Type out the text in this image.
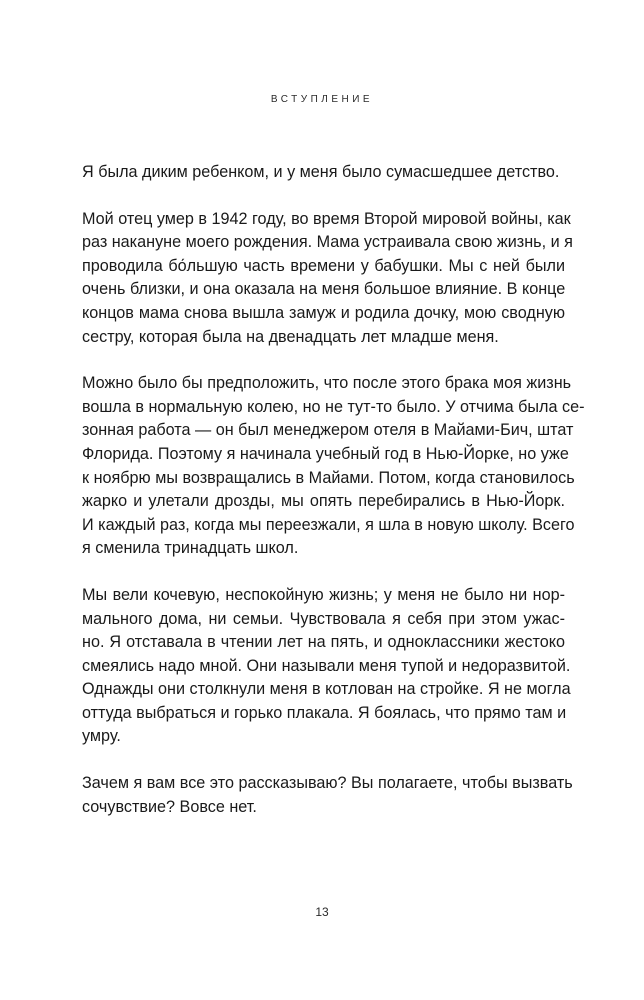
ВСТУПЛЕНИЕ

Я была диким ребенком, и у меня было сумасшедшее детство.

Мой отец умер в 1942 году, во время Второй мировой войны, как
раз накануне моего рождения. Мама устраивала свою жизнь, и я
проводила бо́льшую часть времени у бабушки. Мы с ней были
очень близки, и она оказала на меня большое влияние. В конце
концов мама снова вышла замуж и родила дочку, мою сводную
сестру, которая была на двенадцать лет младше меня.

Можно было бы предположить, что после этого брака моя жизнь
вошла в нормальную колею, но не тут-то было. У отчима была се-
зонная работа — он был менеджером отеля в Майами-Бич, штат
Флорида. Поэтому я начинала учебный год в Нью-Йорке, но уже
к ноябрю мы возвращались в Майами. Потом, когда становилось
жарко и улетали дрозды, мы опять перебирались в Нью-Йорк.
И каждый раз, когда мы переезжали, я шла в новую школу. Всего
я сменила тринадцать школ.

Мы вели кочевую, неспокойную жизнь; у меня не было ни нор-
мального дома, ни семьи. Чувствовала я себя при этом ужас-
но. Я отставала в чтении лет на пять, и одноклассники жестоко
смеялись надо мной. Они называли меня тупой и недоразвитой.
Однажды они столкнули меня в котлован на стройке. Я не могла
оттуда выбраться и горько плакала. Я боялась, что прямо там и
умру.

Зачем я вам все это рассказываю? Вы полагаете, чтобы вызвать
сочувствие? Вовсе нет.

13
